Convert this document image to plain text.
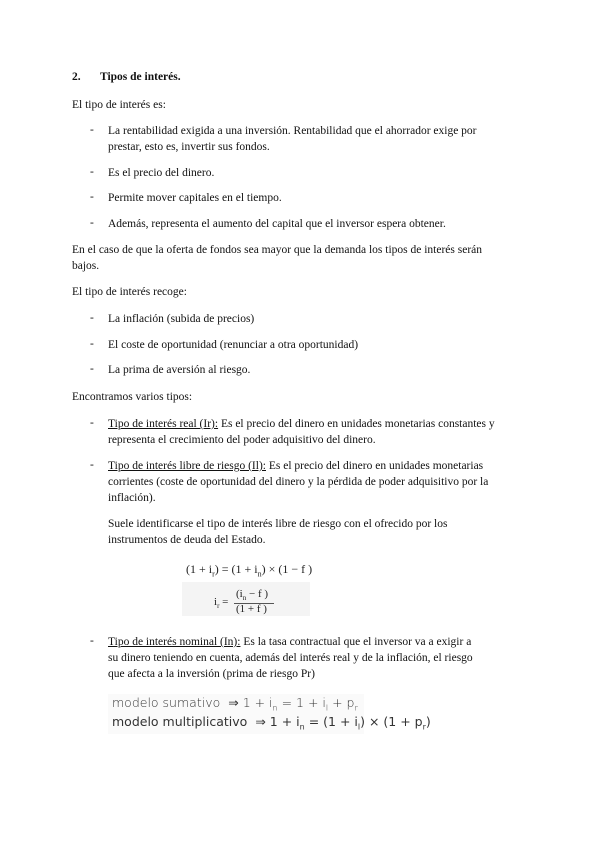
2. Tipos de interés.
El tipo de interés es:
- La rentabilidad exigida a una inversión. Rentabilidad que el ahorrador exige por
prestar, esto es, invertir sus fondos.
- Es el precio del dinero.
- Permite mover capitales en el tiempo.
- Además, representa el aumento del capital que el inversor espera obtener.
En el caso de que la oferta de fondos sea mayor que la demanda los tipos de interés serán
bajos.
El tipo de interés recoge:
- La inflación (subida de precios)
- El coste de oportunidad (renunciar a otra oportunidad)
- La prima de aversión al riesgo.
Encontramos varios tipos:
- Tipo de interés real (Ir): Es el precio del dinero en unidades monetarias constantes y
representa el crecimiento del poder adquisitivo del dinero.
- Tipo de interés libre de riesgo (Il): Es el precio del dinero en unidades monetarias
corrientes (coste de oportunidad del dinero y la pérdida de poder adquisitivo por la
inflación).
Suele identificarse el tipo de interés libre de riesgo con el ofrecido por los
instrumentos de deuda del Estado.
$(1 + i_r) = (1 + i_n) \times (1 - f$ )
$i_r$ =
($i_n - f$ )
(1 + f )
- Tipo de interés nominal (In): Es la tasa contractual que el inversor va a exigir a
su dinero teniendo en cuenta, además del interés real y de la inflación, el riesgo
que afecta a la inversión (prima de riesgo Pr)
modelo sumativo ⇒ $1 + i_n = 1 + i_l + p_r$
modelo multiplicativo ⇒ $1 + i_n = (1 + i_l) \times (1 + p_r)$
